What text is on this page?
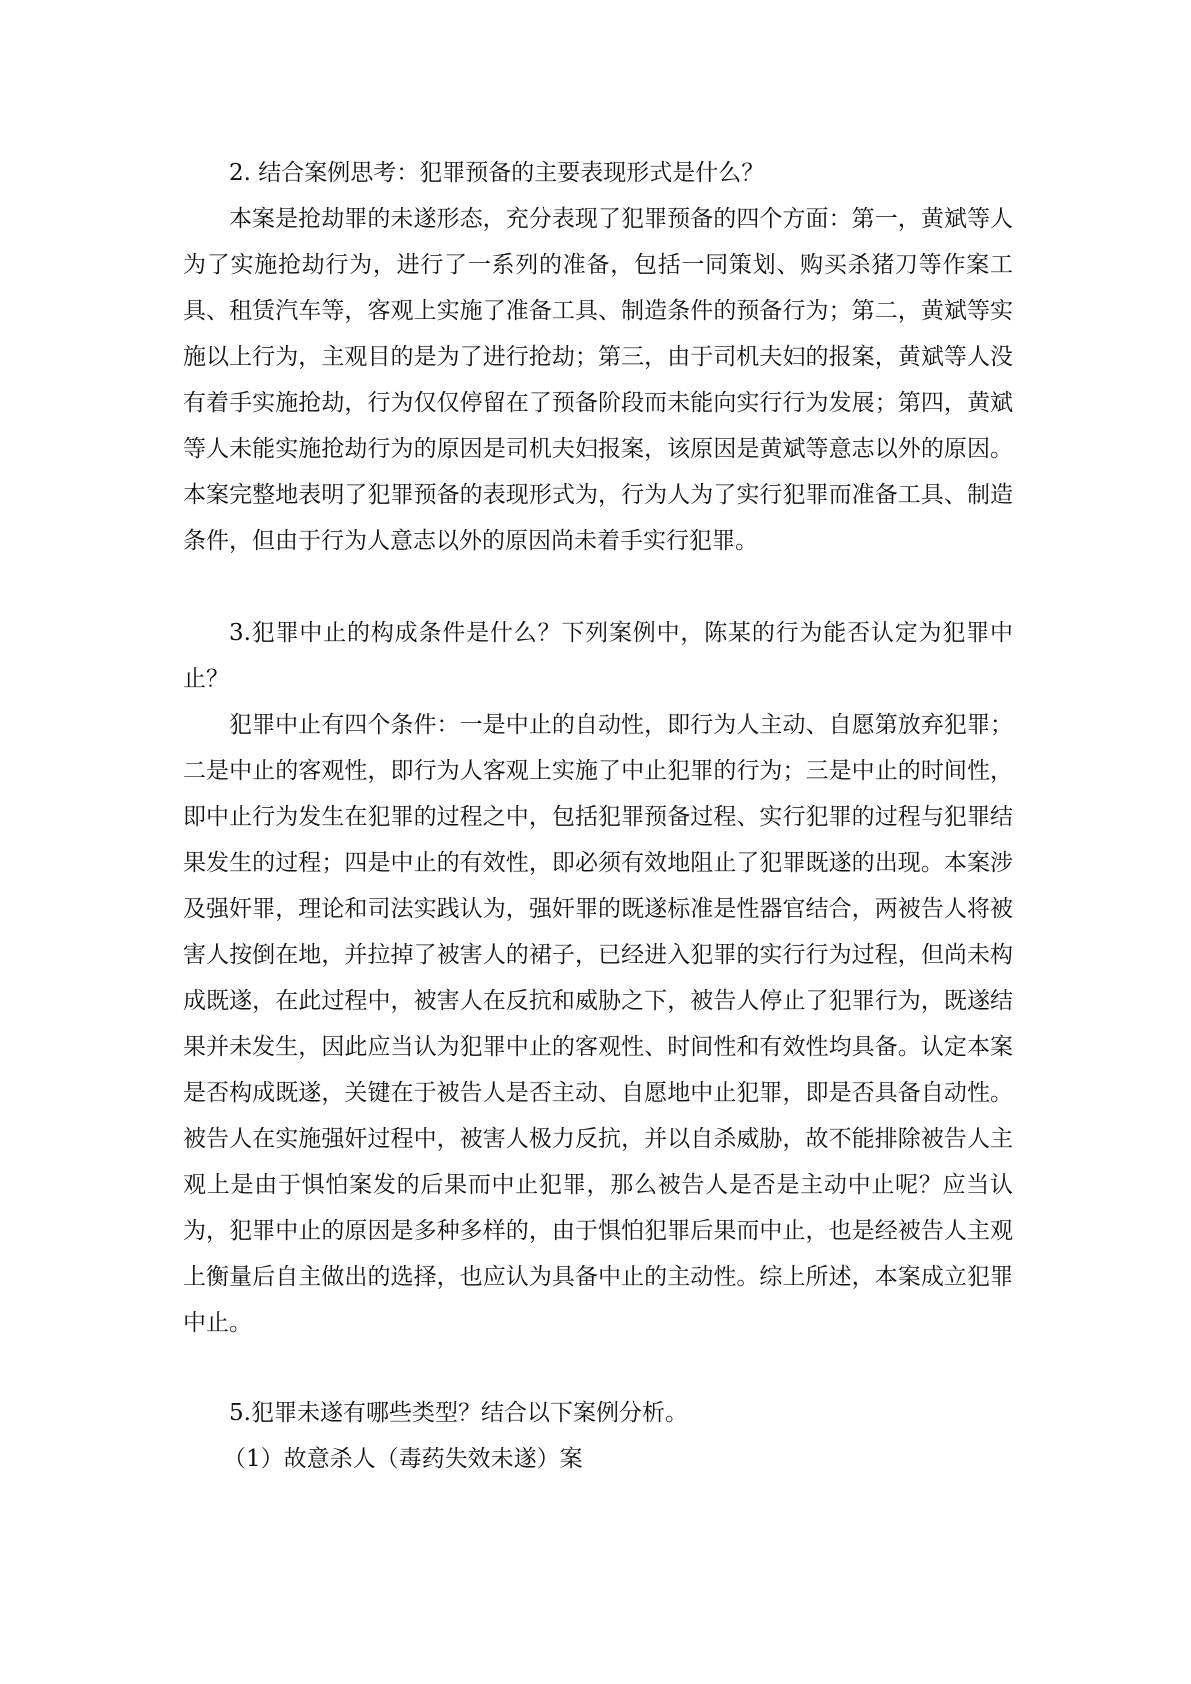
2. 结合案例思考：犯罪预备的主要表现形式是什么？

本案是抢劫罪的未遂形态，充分表现了犯罪预备的四个方面：第一，黄斌等人为了实施抢劫行为，进行了一系列的准备，包括一同策划、购买杀猪刀等作案工具、租赁汽车等，客观上实施了准备工具、制造条件的预备行为；第二，黄斌等实施以上行为，主观目的是为了进行抢劫；第三，由于司机夫妇的报案，黄斌等人没有着手实施抢劫，行为仅仅停留在了预备阶段而未能向实行行为发展；第四，黄斌等人未能实施抢劫行为的原因是司机夫妇报案，该原因是黄斌等意志以外的原因。本案完整地表明了犯罪预备的表现形式为，行为人为了实行犯罪而准备工具、制造条件，但由于行为人意志以外的原因尚未着手实行犯罪。

3.犯罪中止的构成条件是什么？下列案例中，陈某的行为能否认定为犯罪中止？

犯罪中止有四个条件：一是中止的自动性，即行为人主动、自愿第放弃犯罪；二是中止的客观性，即行为人客观上实施了中止犯罪的行为；三是中止的时间性，即中止行为发生在犯罪的过程之中，包括犯罪预备过程、实行犯罪的过程与犯罪结果发生的过程；四是中止的有效性，即必须有效地阻止了犯罪既遂的出现。本案涉及强奸罪，理论和司法实践认为，强奸罪的既遂标准是性器官结合，两被告人将被害人按倒在地，并拉掉了被害人的裙子，已经进入犯罪的实行行为过程，但尚未构成既遂，在此过程中，被害人在反抗和威胁之下，被告人停止了犯罪行为，既遂结果并未发生，因此应当认为犯罪中止的客观性、时间性和有效性均具备。认定本案是否构成既遂，关键在于被告人是否主动、自愿地中止犯罪，即是否具备自动性。被告人在实施强奸过程中，被害人极力反抗，并以自杀威胁，故不能排除被告人主观上是由于惧怕案发的后果而中止犯罪，那么被告人是否是主动中止呢？应当认为，犯罪中止的原因是多种多样的，由于惧怕犯罪后果而中止，也是经被告人主观上衡量后自主做出的选择，也应认为具备中止的主动性。综上所述，本案成立犯罪中止。

5.犯罪未遂有哪些类型？结合以下案例分析。

（1）故意杀人（毒药失效未遂）案
